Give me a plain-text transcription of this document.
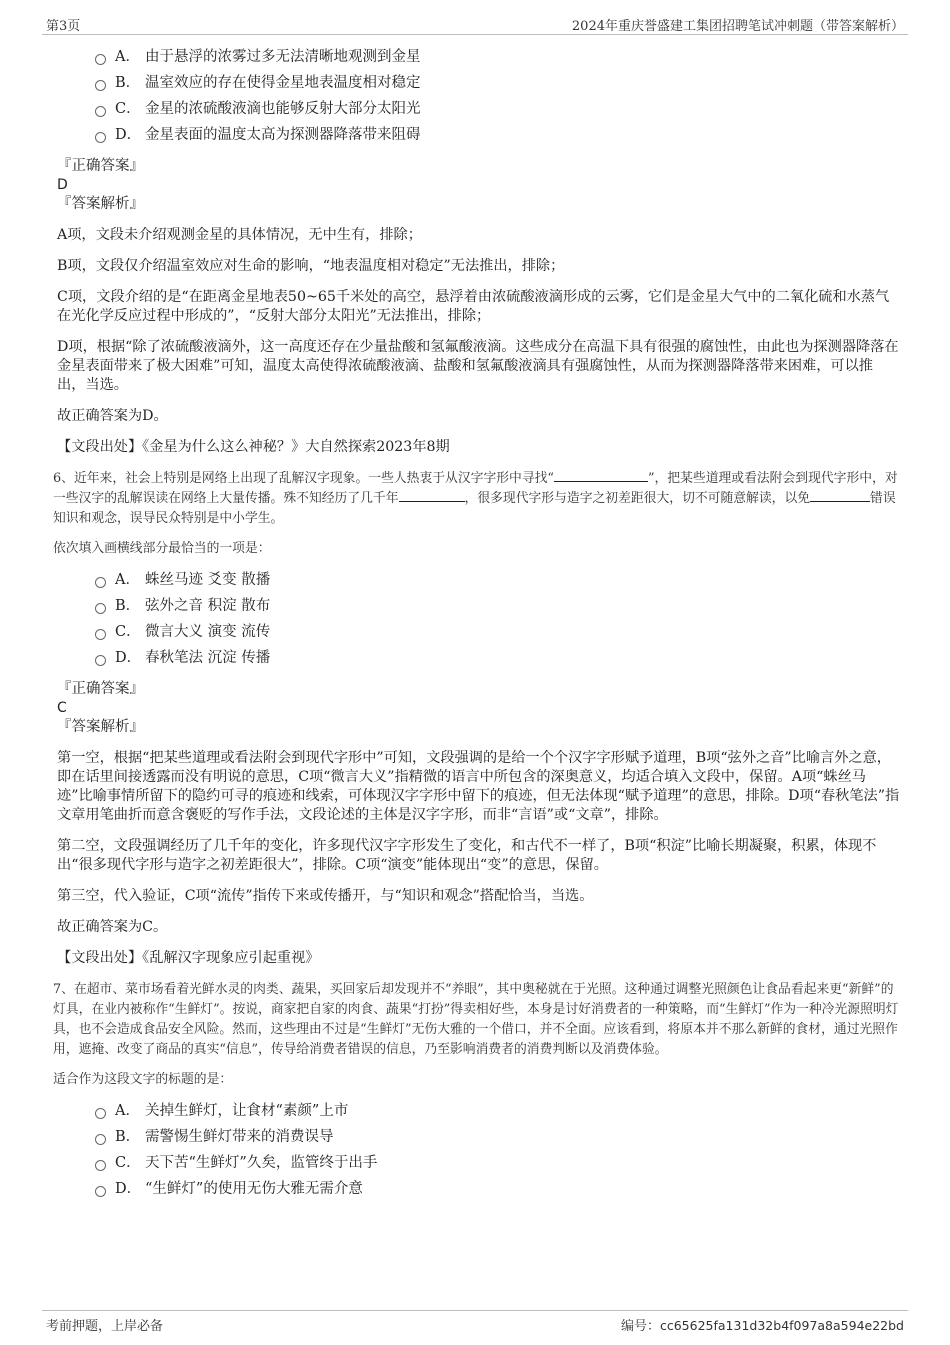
第3页	2024年重庆誉盛建工集团招聘笔试冲刺题（带答案解析）
A． 由于悬浮的浓雾过多无法清晰地观测到金星
B． 温室效应的存在使得金星地表温度相对稳定
C． 金星的浓硫酸液滴也能够反射大部分太阳光
D． 金星表面的温度太高为探测器降落带来阻碍

『正确答案』

D

『答案解析』

A项，文段未介绍观测金星的具体情况，无中生有，排除；

B项，文段仅介绍温室效应对生命的影响，“地表温度相对稳定”无法推出，排除；

C项，文段介绍的是“在距离金星地表50~65千米处的高空，悬浮着由浓硫酸液滴形成的云雾，它们是金星大气中的二氧化硫和水蒸气在光化学反应过程中形成的”，“反射大部分太阳光”无法推出，排除；

D项，根据“除了浓硫酸液滴外，这一高度还存在少量盐酸和氢氟酸液滴。这些成分在高温下具有很强的腐蚀性，由此也为探测器降落在金星表面带来了极大困难”可知，温度太高使得浓硫酸液滴、盐酸和氢氟酸液滴具有强腐蚀性，从而为探测器降落带来困难，可以推出，当选。

故正确答案为D。

【文段出处】《金星为什么这么神秘？》大自然探索2023年8期

6、近年来，社会上特别是网络上出现了乱解汉字现象。一些人热衷于从汉字字形中寻找“	”，把某些道理或看法附会到现代字形中，对一些汉字的乱解误读在网络上大量传播。殊不知经历了几千年	，很多现代字形与造字之初差距很大，切不可随意解读，以免	错误知识和观念，误导民众特别是中小学生。

依次填入画横线部分最恰当的一项是：

A． 蛛丝马迹 爻变 散播
B． 弦外之音 积淀 散布
C． 微言大义 演变 流传
D． 春秋笔法 沉淀 传播

『正确答案』

C

『答案解析』

第一空，根据“把某些道理或看法附会到现代字形中”可知，文段强调的是给一个个汉字字形赋予道理，B项“弦外之音”比喻言外之意，即在话里间接透露而没有明说的意思，C项“微言大义”指精微的语言中所包含的深奥意义，均适合填入文段中，保留。A项“蛛丝马迹”比喻事情所留下的隐约可寻的痕迹和线索，可体现汉字字形中留下的痕迹，但无法体现“赋予道理”的意思，排除。D项“春秋笔法”指文章用笔曲折而意含褒贬的写作手法，文段论述的主体是汉字字形，而非“言语”或“文章”，排除。

第二空，文段强调经历了几千年的变化，许多现代汉字字形发生了变化，和古代不一样了，B项“积淀”比喻长期凝聚，积累，体现不出“很多现代字形与造字之初差距很大”，排除。C项“演变”能体现出“变”的意思，保留。

第三空，代入验证，C项“流传”指传下来或传播开，与“知识和观念”搭配恰当，当选。

故正确答案为C。

【文段出处】《乱解汉字现象应引起重视》

7、在超市、菜市场看着光鲜水灵的肉类、蔬果，买回家后却发现并不“养眼”，其中奥秘就在于光照。这种通过调整光照颜色让食品看起来更“新鲜”的灯具，在业内被称作“生鲜灯”。按说，商家把自家的肉食、蔬果“打扮”得卖相好些，本身是讨好消费者的一种策略，而“生鲜灯”作为一种冷光源照明灯具，也不会造成食品安全风险。然而，这些理由不过是“生鲜灯”无伤大雅的一个借口，并不全面。应该看到，将原本并不那么新鲜的食材，通过光照作用，遮掩、改变了商品的真实“信息”，传导给消费者错误的信息，乃至影响消费者的消费判断以及消费体验。

适合作为这段文字的标题的是：

A． 关掉生鲜灯，让食材“素颜”上市
B． 需警惕生鲜灯带来的消费误导
C． 天下苦“生鲜灯”久矣，监管终于出手
D． “生鲜灯”的使用无伤大雅无需介意
考前押题，上岸必备	编号：cc65625fa131d32b4f097a8a594e22bd
